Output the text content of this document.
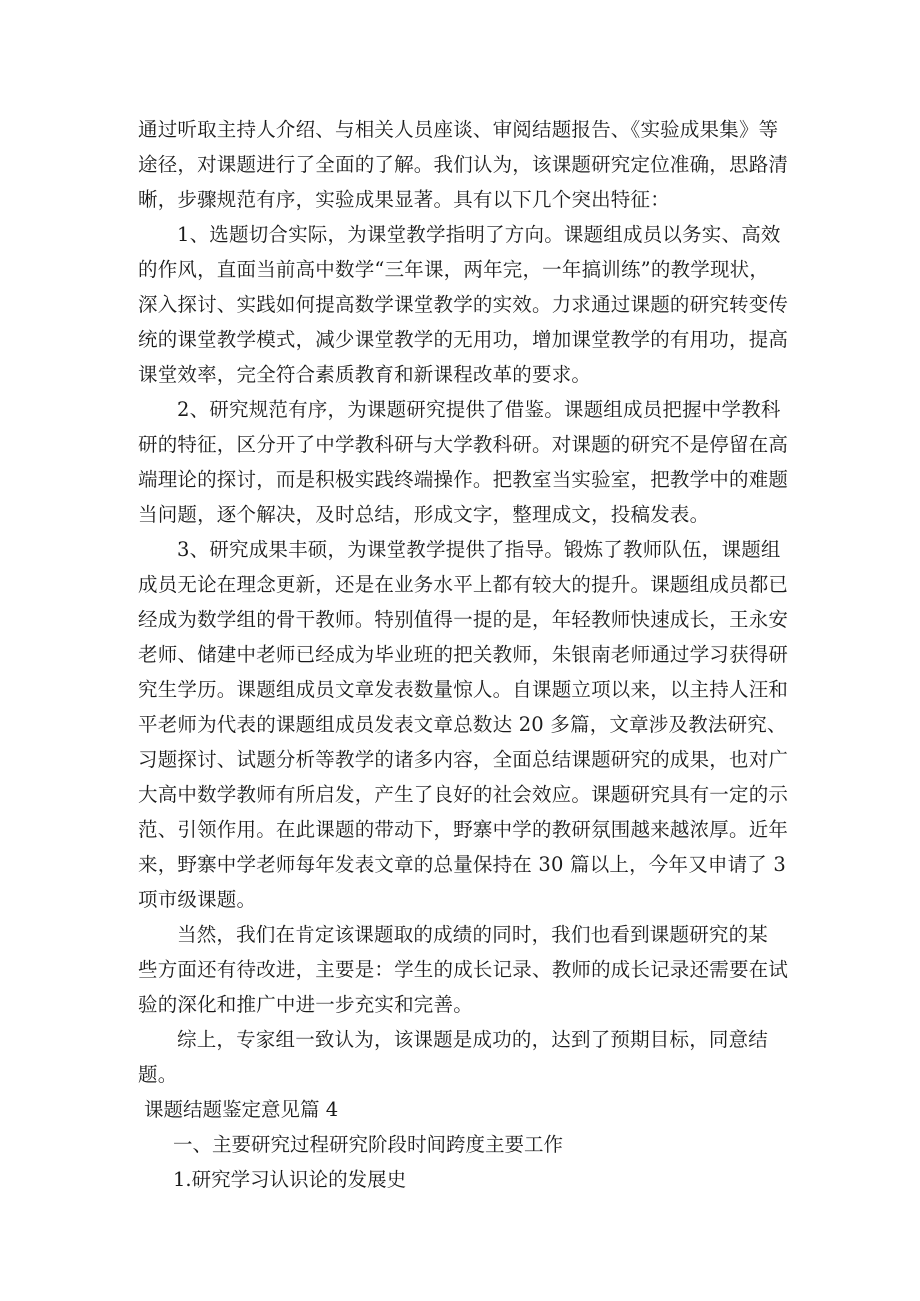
通过听取主持人介绍、与相关人员座谈、审阅结题报告、《实验成果集》等
途径，对课题进行了全面的了解。我们认为，该课题研究定位准确，思路清
晰，步骤规范有序，实验成果显著。具有以下几个突出特征：

1、选题切合实际，为课堂教学指明了方向。课题组成员以务实、高效
的作风，直面当前高中数学“三年课，两年完，一年搞训练”的教学现状，
深入探讨、实践如何提高数学课堂教学的实效。力求通过课题的研究转变传
统的课堂教学模式，减少课堂教学的无用功，增加课堂教学的有用功，提高
课堂效率，完全符合素质教育和新课程改革的要求。

2、研究规范有序，为课题研究提供了借鉴。课题组成员把握中学教科
研的特征，区分开了中学教科研与大学教科研。对课题的研究不是停留在高
端理论的探讨，而是积极实践终端操作。把教室当实验室，把教学中的难题
当问题，逐个解决，及时总结，形成文字，整理成文，投稿发表。

3、研究成果丰硕，为课堂教学提供了指导。锻炼了教师队伍，课题组
成员无论在理念更新，还是在业务水平上都有较大的提升。课题组成员都已
经成为数学组的骨干教师。特别值得一提的是，年轻教师快速成长，王永安
老师、储建中老师已经成为毕业班的把关教师，朱银南老师通过学习获得研
究生学历。课题组成员文章发表数量惊人。自课题立项以来，以主持人汪和
平老师为代表的课题组成员发表文章总数达 20 多篇，文章涉及教法研究、
习题探讨、试题分析等教学的诸多内容，全面总结课题研究的成果，也对广
大高中数学教师有所启发，产生了良好的社会效应。课题研究具有一定的示
范、引领作用。在此课题的带动下，野寨中学的教研氛围越来越浓厚。近年
来，野寨中学老师每年发表文章的总量保持在 30 篇以上，今年又申请了 3
项市级课题。

当然，我们在肯定该课题取的成绩的同时，我们也看到课题研究的某
些方面还有待改进，主要是：学生的成长记录、教师的成长记录还需要在试
验的深化和推广中进一步充实和完善。

综上，专家组一致认为，该课题是成功的，达到了预期目标，同意结
题。

课题结题鉴定意见篇 4

一、主要研究过程研究阶段时间跨度主要工作

1.研究学习认识论的发展史
